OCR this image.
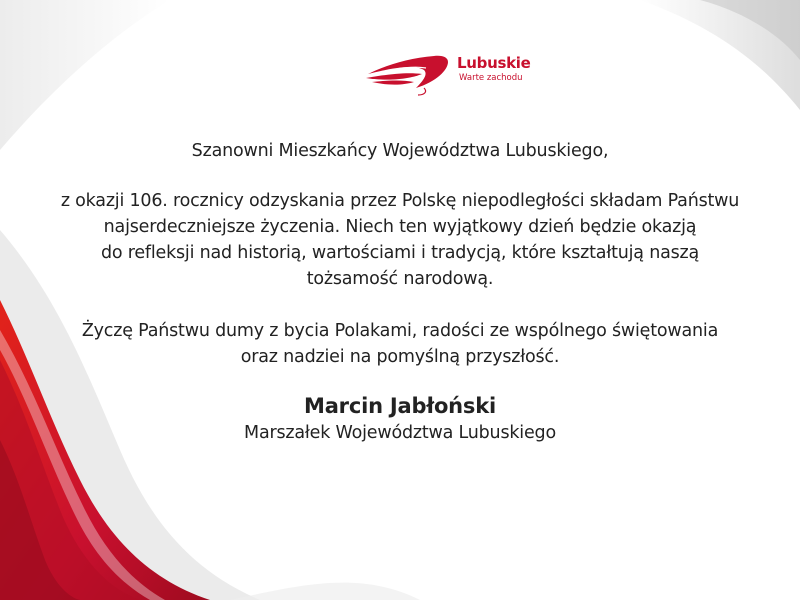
Lubuskie
Warte zachodu
Szanowni Mieszkańcy Województwa Lubuskiego,
z okazji 106. rocznicy odzyskania przez Polskę niepodległości składam Państwu
najserdeczniejsze życzenia. Niech ten wyjątkowy dzień będzie okazją
do refleksji nad historią, wartościami i tradycją, które kształtują naszą
tożsamość narodową.
Życzę Państwu dumy z bycia Polakami, radości ze wspólnego świętowania
oraz nadziei na pomyślną przyszłość.
Marcin Jabłoński
Marszałek Województwa Lubuskiego
